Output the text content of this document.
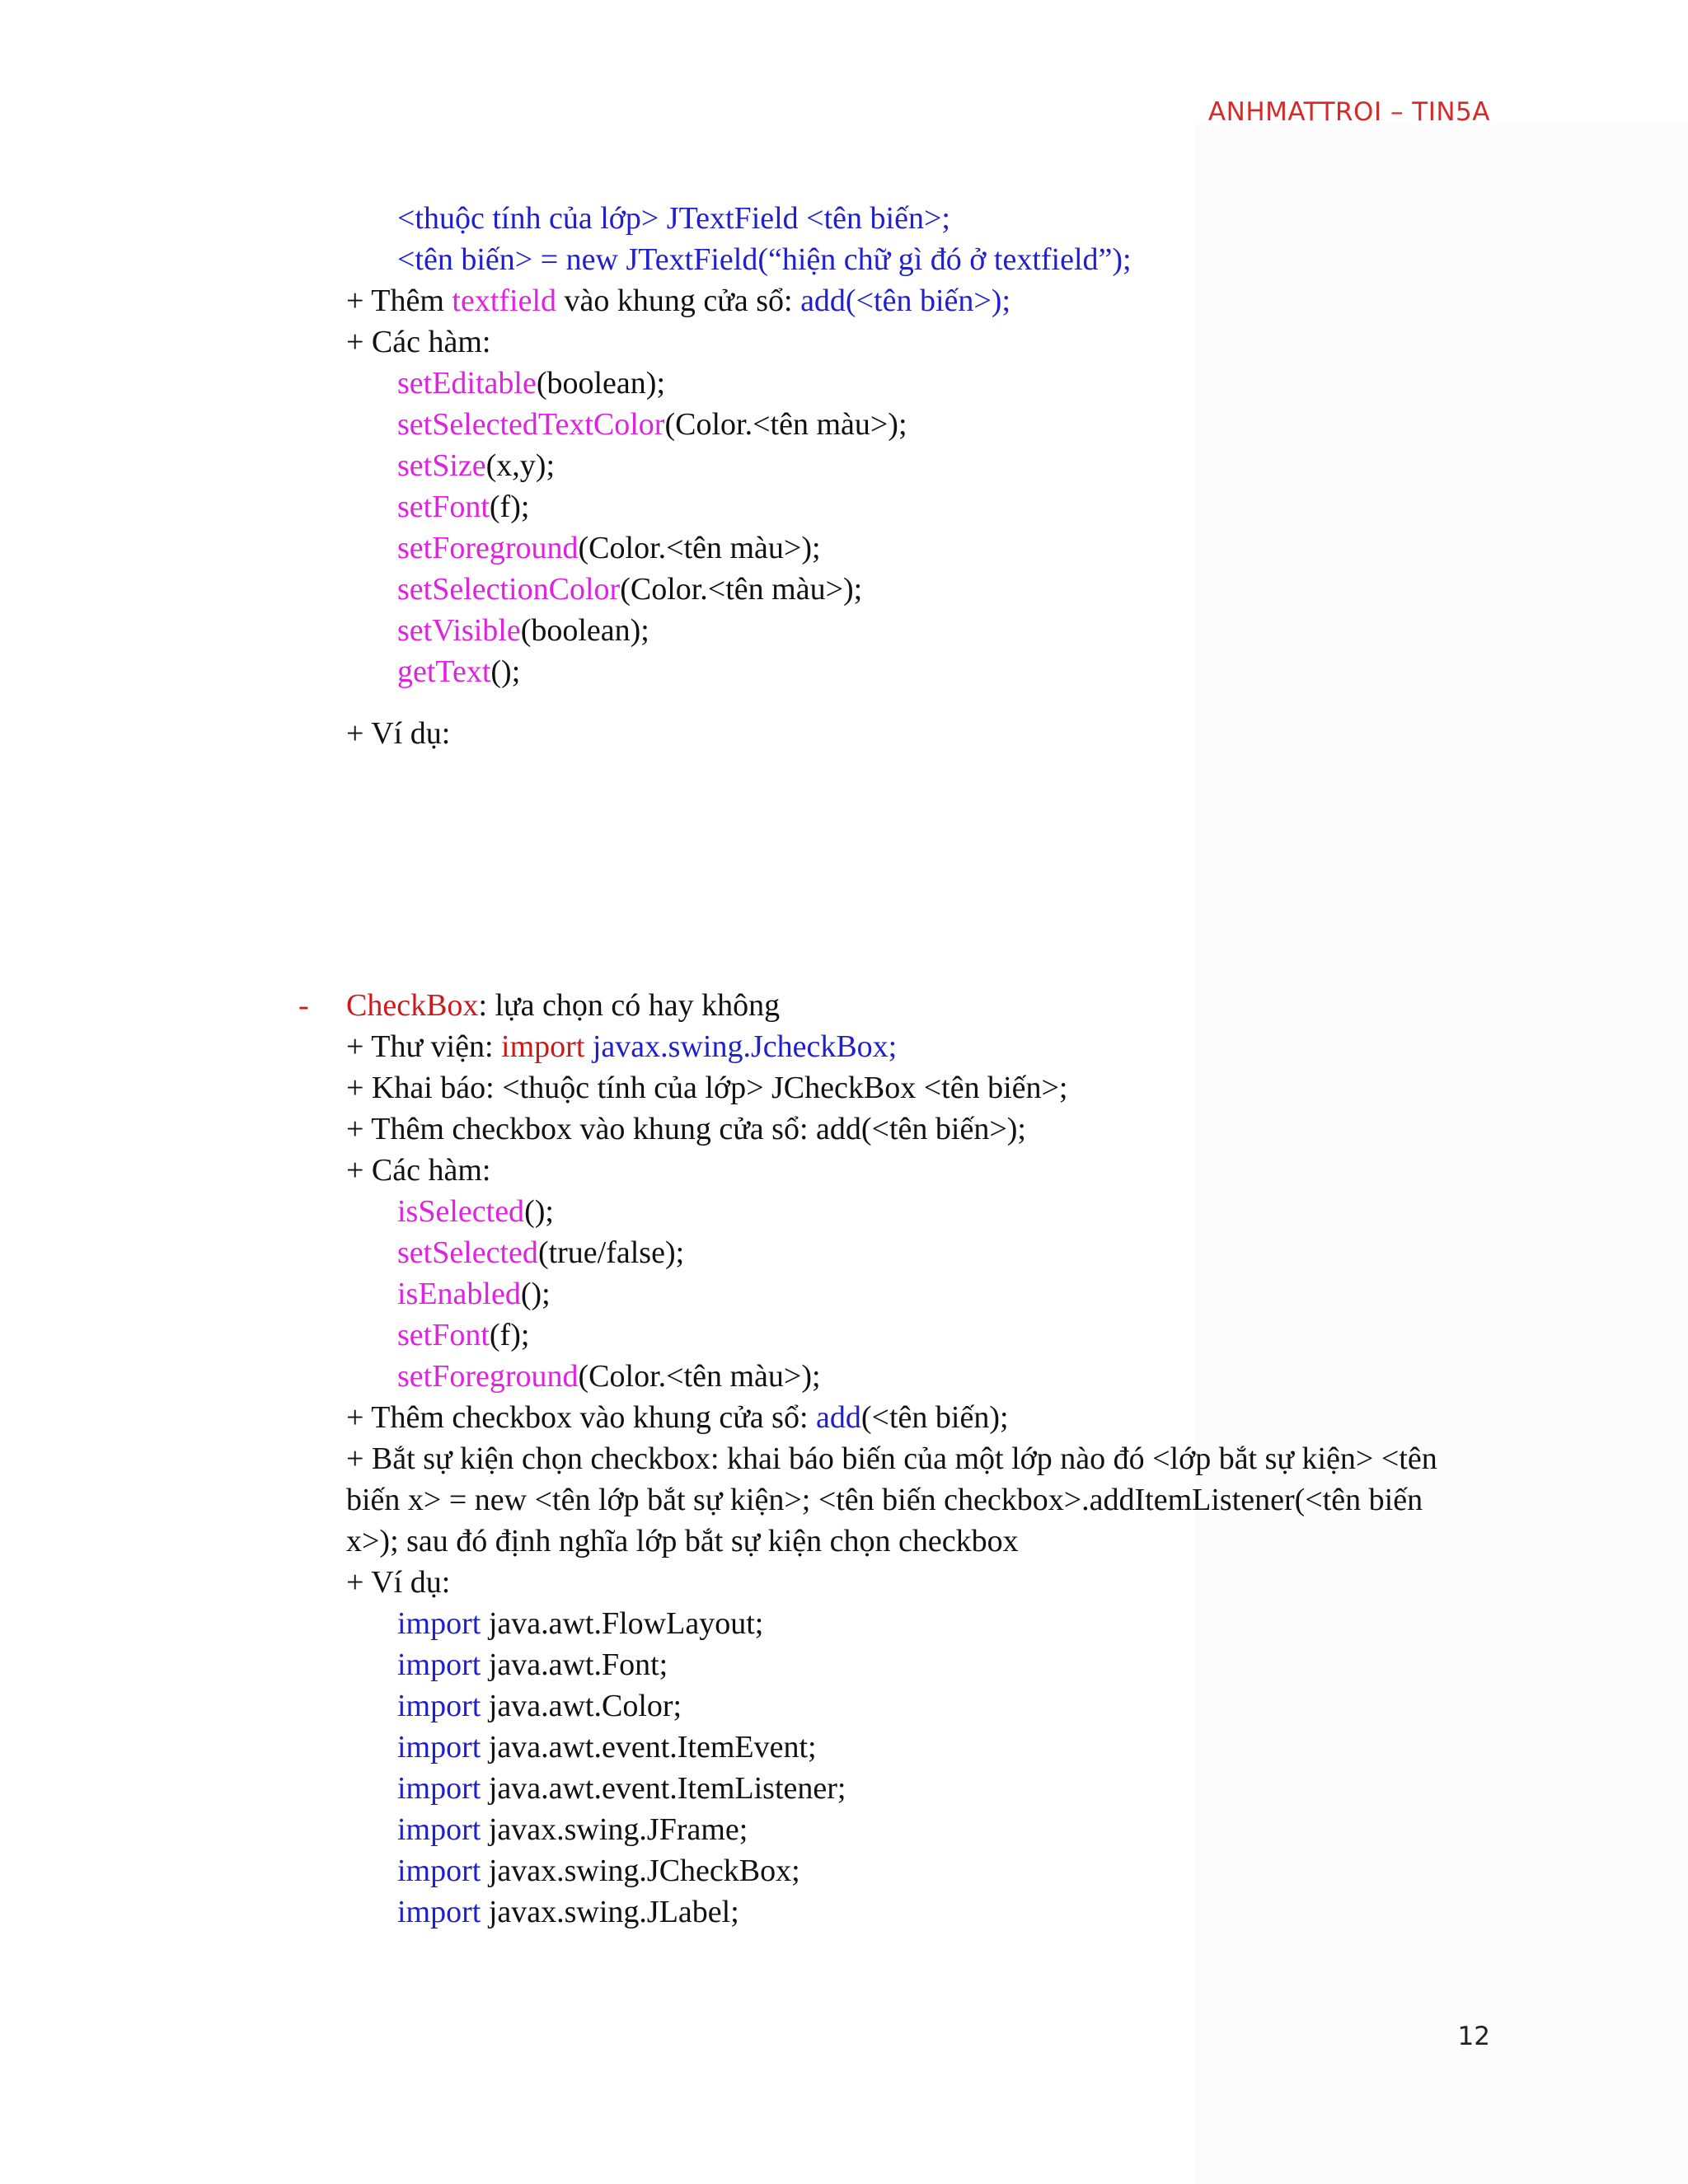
ANHMATTROI – TIN5A
<thuộc tính của lớp> JTextField <tên biến>;
<tên biến> = new JTextField(“hiện chữ gì đó ở textfield”);
+ Thêm textfield vào khung cửa sổ: add(<tên biến>);
+ Các hàm:
setEditable(boolean);
setSelectedTextColor(Color.<tên màu>);
setSize(x,y);
setFont(f);
setForeground(Color.<tên màu>);
setSelectionColor(Color.<tên màu>);
setVisible(boolean);
getText();
+ Ví dụ:
- CheckBox: lựa chọn có hay không
+ Thư viện: import javax.swing.JcheckBox;
+ Khai báo: <thuộc tính của lớp> JCheckBox <tên biến>;
+ Thêm checkbox vào khung cửa sổ: add(<tên biến>);
+ Các hàm:
isSelected();
setSelected(true/false);
isEnabled();
setFont(f);
setForeground(Color.<tên màu>);
+ Thêm checkbox vào khung cửa sổ: add(<tên biến);
+ Bắt sự kiện chọn checkbox: khai báo biến của một lớp nào đó <lớp bắt sự kiện> <tên
biến x> = new <tên lớp bắt sự kiện>; <tên biến checkbox>.addItemListener(<tên biến
x>); sau đó định nghĩa lớp bắt sự kiện chọn checkbox
+ Ví dụ:
import java.awt.FlowLayout;
import java.awt.Font;
import java.awt.Color;
import java.awt.event.ItemEvent;
import java.awt.event.ItemListener;
import javax.swing.JFrame;
import javax.swing.JCheckBox;
import javax.swing.JLabel;
12
